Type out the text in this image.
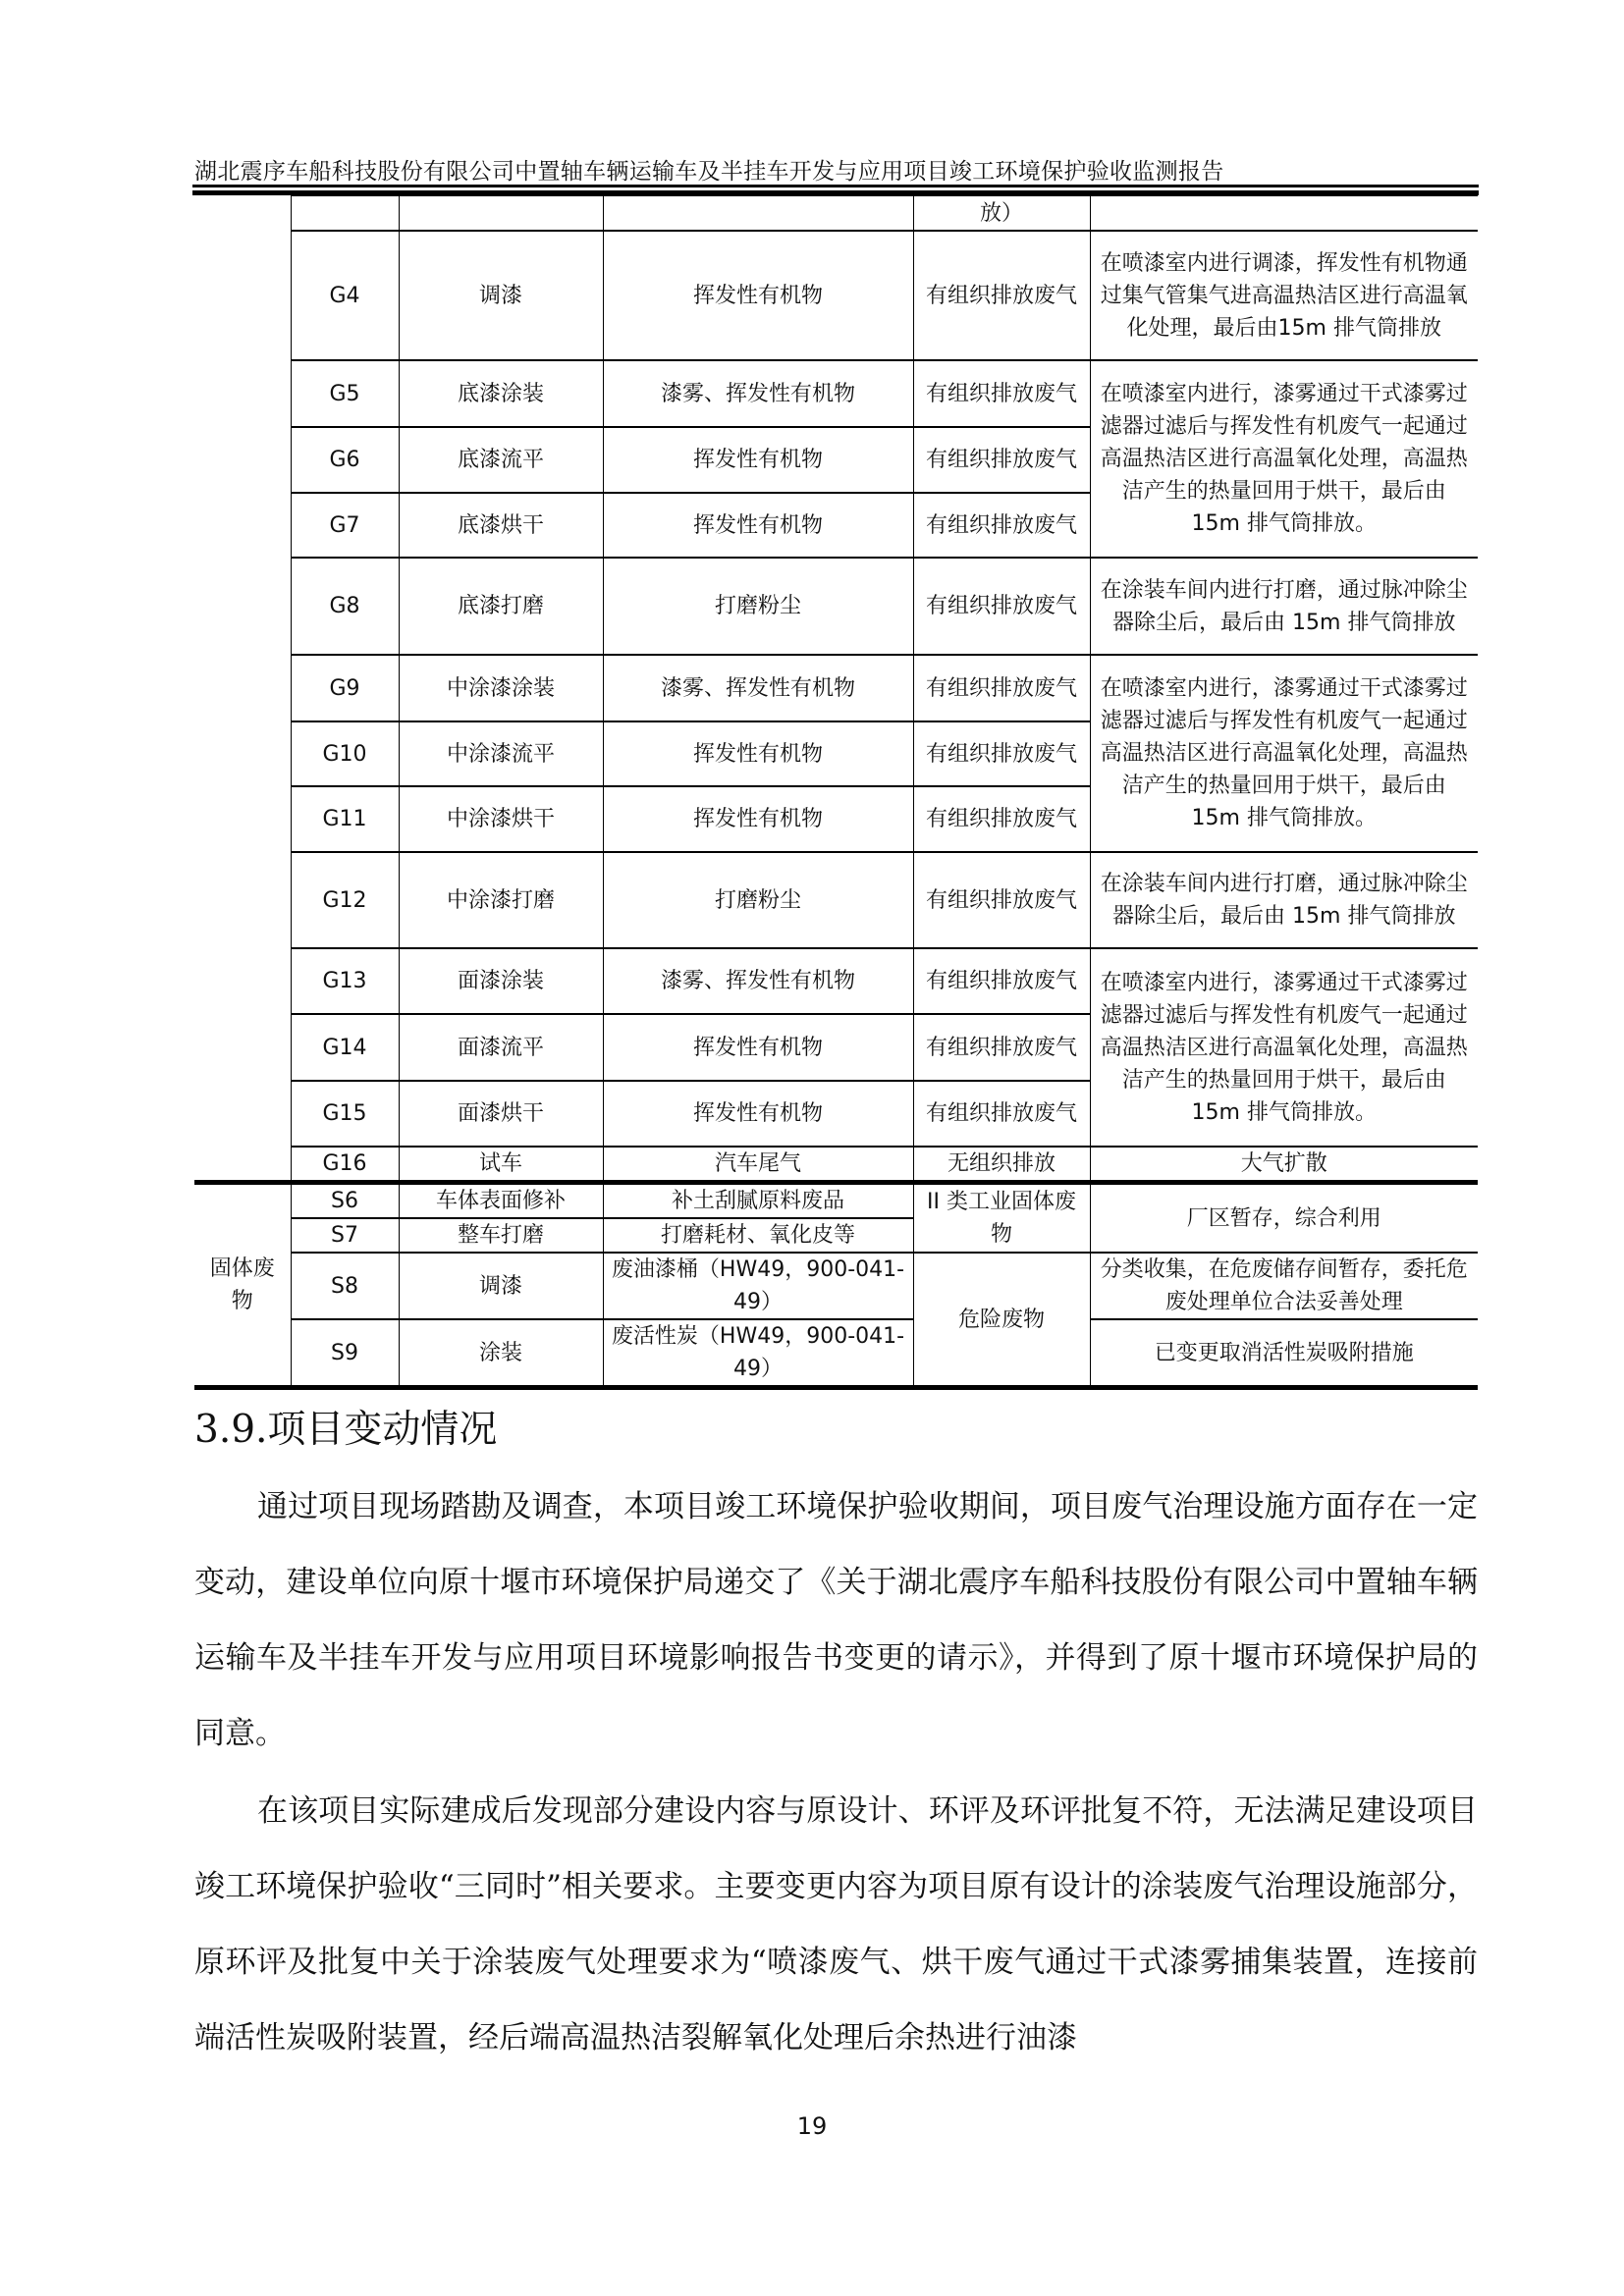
湖北震序车船科技股份有限公司中置轴车辆运输车及半挂车开发与应用项目竣工环境保护验收监测报告
				放）	
	G4	调漆	挥发性有机物	有组织排放废气	在喷漆室内进行调漆，挥发性有机物通过集气管集气进高温热洁区进行高温氧化处理，最后由15m 排气筒排放
	G5	底漆涂装	漆雾、挥发性有机物	有组织排放废气	在喷漆室内进行，漆雾通过干式漆雾过滤器过滤后与挥发性有机废气一起通过高温热洁区进行高温氧化处理，高温热洁产生的热量回用于烘干，最后由 15m 排气筒排放。
	G6	底漆流平	挥发性有机物	有组织排放废气	
	G7	底漆烘干	挥发性有机物	有组织排放废气	
	G8	底漆打磨	打磨粉尘	有组织排放废气	在涂装车间内进行打磨，通过脉冲除尘器除尘后，最后由 15m 排气筒排放
	G9	中涂漆涂装	漆雾、挥发性有机物	有组织排放废气	在喷漆室内进行，漆雾通过干式漆雾过滤器过滤后与挥发性有机废气一起通过高温热洁区进行高温氧化处理，高温热洁产生的热量回用于烘干，最后由 15m 排气筒排放。
	G10	中涂漆流平	挥发性有机物	有组织排放废气	
	G11	中涂漆烘干	挥发性有机物	有组织排放废气	
	G12	中涂漆打磨	打磨粉尘	有组织排放废气	在涂装车间内进行打磨，通过脉冲除尘器除尘后，最后由 15m 排气筒排放
	G13	面漆涂装	漆雾、挥发性有机物	有组织排放废气	在喷漆室内进行，漆雾通过干式漆雾过滤器过滤后与挥发性有机废气一起通过高温热洁区进行高温氧化处理，高温热洁产生的热量回用于烘干，最后由 15m 排气筒排放。
	G14	面漆流平	挥发性有机物	有组织排放废气	
	G15	面漆烘干	挥发性有机物	有组织排放废气	
	G16	试车	汽车尾气	无组织排放	大气扩散
固体废物	S6	车体表面修补	补土刮腻原料废品	II 类工业固体废物	厂区暂存，综合利用
	S7	整车打磨	打磨耗材、氧化皮等		
	S8	调漆	废油漆桶（HW49，900-041-49）	危险废物	分类收集，在危废储存间暂存，委托危废处理单位合法妥善处理
	S9	涂装	废活性炭（HW49，900-041-49）		已变更取消活性炭吸附措施
3.9.项目变动情况
通过项目现场踏勘及调查，本项目竣工环境保护验收期间，项目废气治理设施方面存在一定变动，建设单位向原十堰市环境保护局递交了《关于湖北震序车船科技股份有限公司中置轴车辆运输车及半挂车开发与应用项目环境影响报告书变更的请示》，并得到了原十堰市环境保护局的同意。
在该项目实际建成后发现部分建设内容与原设计、环评及环评批复不符，无法满足建设项目竣工环境保护验收“三同时”相关要求。主要变更内容为项目原有设计的涂装废气治理设施部分，原环评及批复中关于涂装废气处理要求为“喷漆废气、烘干废气通过干式漆雾捕集装置，连接前端活性炭吸附装置，经后端高温热洁裂解氧化处理后余热进行油漆
19
